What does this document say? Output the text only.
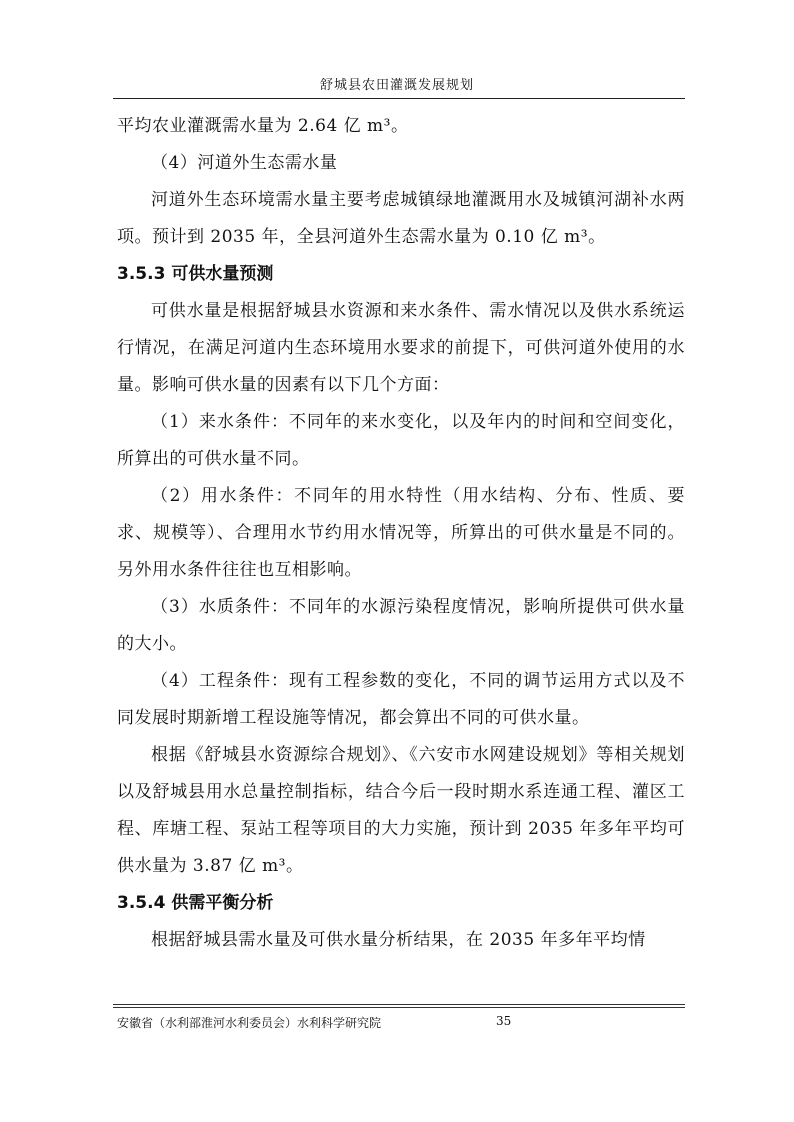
舒城县农田灌溉发展规划

平均农业灌溉需水量为 2.64 亿 m³。

（4）河道外生态需水量

河道外生态环境需水量主要考虑城镇绿地灌溉用水及城镇河湖补水两项。预计到 2035 年，全县河道外生态需水量为 0.10 亿 m³。

3.5.3 可供水量预测

可供水量是根据舒城县水资源和来水条件、需水情况以及供水系统运行情况，在满足河道内生态环境用水要求的前提下，可供河道外使用的水量。影响可供水量的因素有以下几个方面：

（1）来水条件：不同年的来水变化，以及年内的时间和空间变化，所算出的可供水量不同。

（2）用水条件：不同年的用水特性（用水结构、分布、性质、要求、规模等）、合理用水节约用水情况等，所算出的可供水量是不同的。另外用水条件往往也互相影响。

（3）水质条件：不同年的水源污染程度情况，影响所提供可供水量的大小。

（4）工程条件：现有工程参数的变化，不同的调节运用方式以及不同发展时期新增工程设施等情况，都会算出不同的可供水量。

根据《舒城县水资源综合规划》、《六安市水网建设规划》等相关规划以及舒城县用水总量控制指标，结合今后一段时期水系连通工程、灌区工程、库塘工程、泵站工程等项目的大力实施，预计到 2035 年多年平均可供水量为 3.87 亿 m³。

3.5.4 供需平衡分析

根据舒城县需水量及可供水量分析结果，在 2035 年多年平均情

安徽省（水利部淮河水利委员会）水利科学研究院	35
